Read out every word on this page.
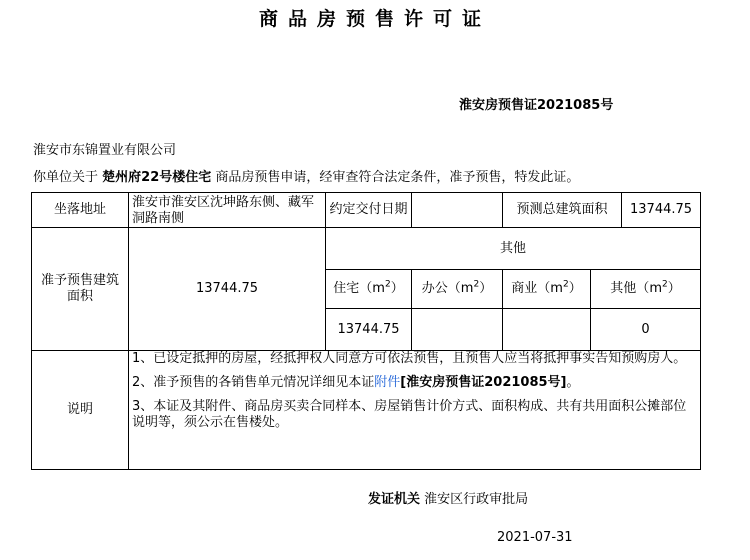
商品房预售许可证
淮安房预售证2021085号
淮安市东锦置业有限公司
你单位关于 楚州府22号楼住宅 商品房预售申请，经审查符合法定条件，准予预售，特发此证。
坐落地址	淮安市淮安区沈坤路东侧、藏军洞路南侧	约定交付日期		预测总建筑面积		13744.75
准予预售建筑面积	13744.75	其他				
		住宅$(m^2)$	办公$(m^2)$	商业$(m^2)$	其他$(m^2)$	
		13744.75			0	
说明	1、已设定抵押的房屋，经抵押权人同意方可依法预售，且预售人应当将抵押事实告知预购房人。

2、准予预售的各销售单元情况详细见本证附件[淮安房预售证2021085号]。

3、本证及其附件、商品房买卖合同样本、房屋销售计价方式、面积构成、共有共用面积公摊部位说明等，须公示在售楼处。					

发证机关 淮安区行政审批局
2021-07-31
